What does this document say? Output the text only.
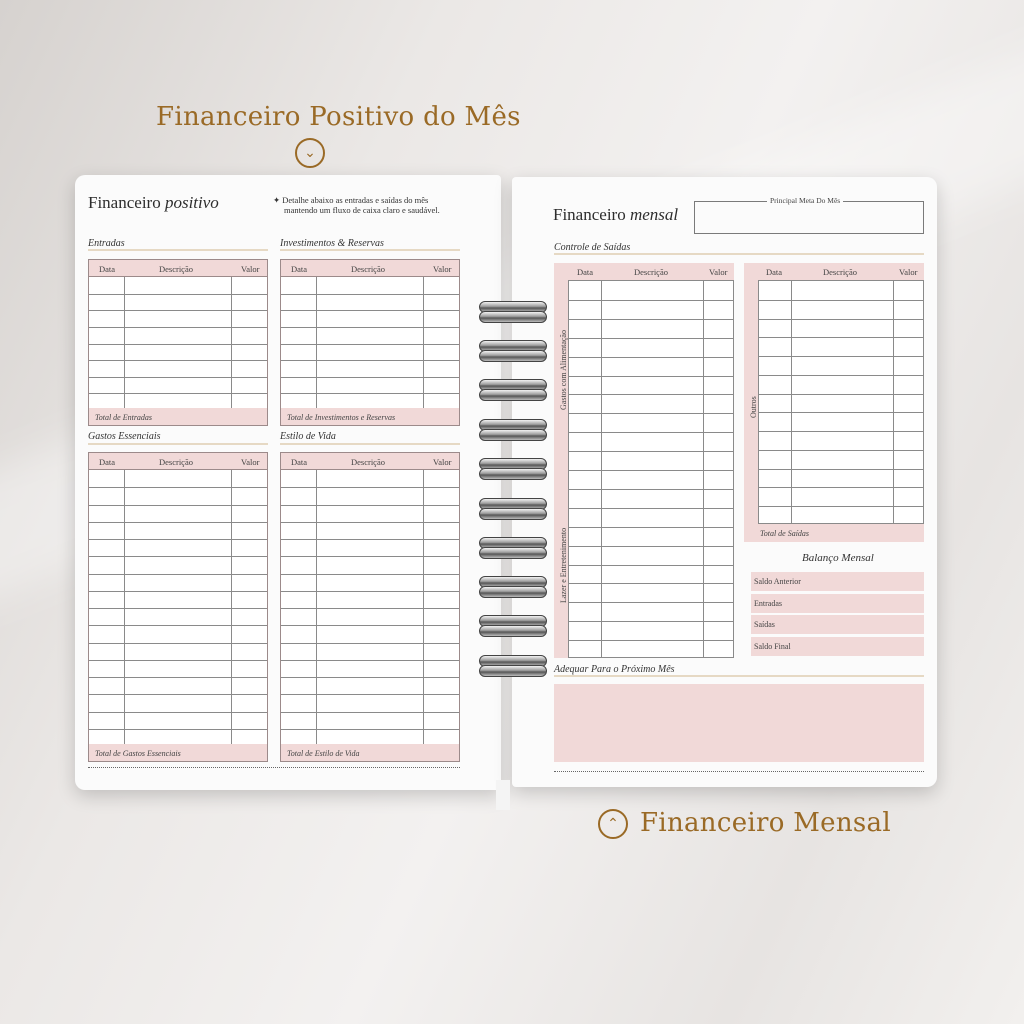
Financeiro Positivo do Mês
⌄
Financeiro positivo	✦ Detalhe abaixo as entradas e saídas do mês
mantendo um fluxo de caixa claro e saudável.
Entradas
Data	Descrição	Valor
Total de Entradas
Investimentos & Reservas
Data	Descrição	Valor
Total de Investimentos e Reservas
Gastos Essenciais
Data	Descrição	Valor
Total de Gastos Essenciais
Estilo de Vida
Data	Descrição	Valor
Total de Estilo de Vida
Financeiro mensal
Principal Meta Do Mês
Controle de Saídas
Data	Descrição	Valor
Gastos com Alimentação
Lazer e Entretenimento
Data	Descrição	Valor
Outros
Total de Saídas
Balanço Mensal
Saldo Anterior
Entradas
Saídas
Saldo Final
Adequar Para o Próximo Mês
⌃ Financeiro Mensal
